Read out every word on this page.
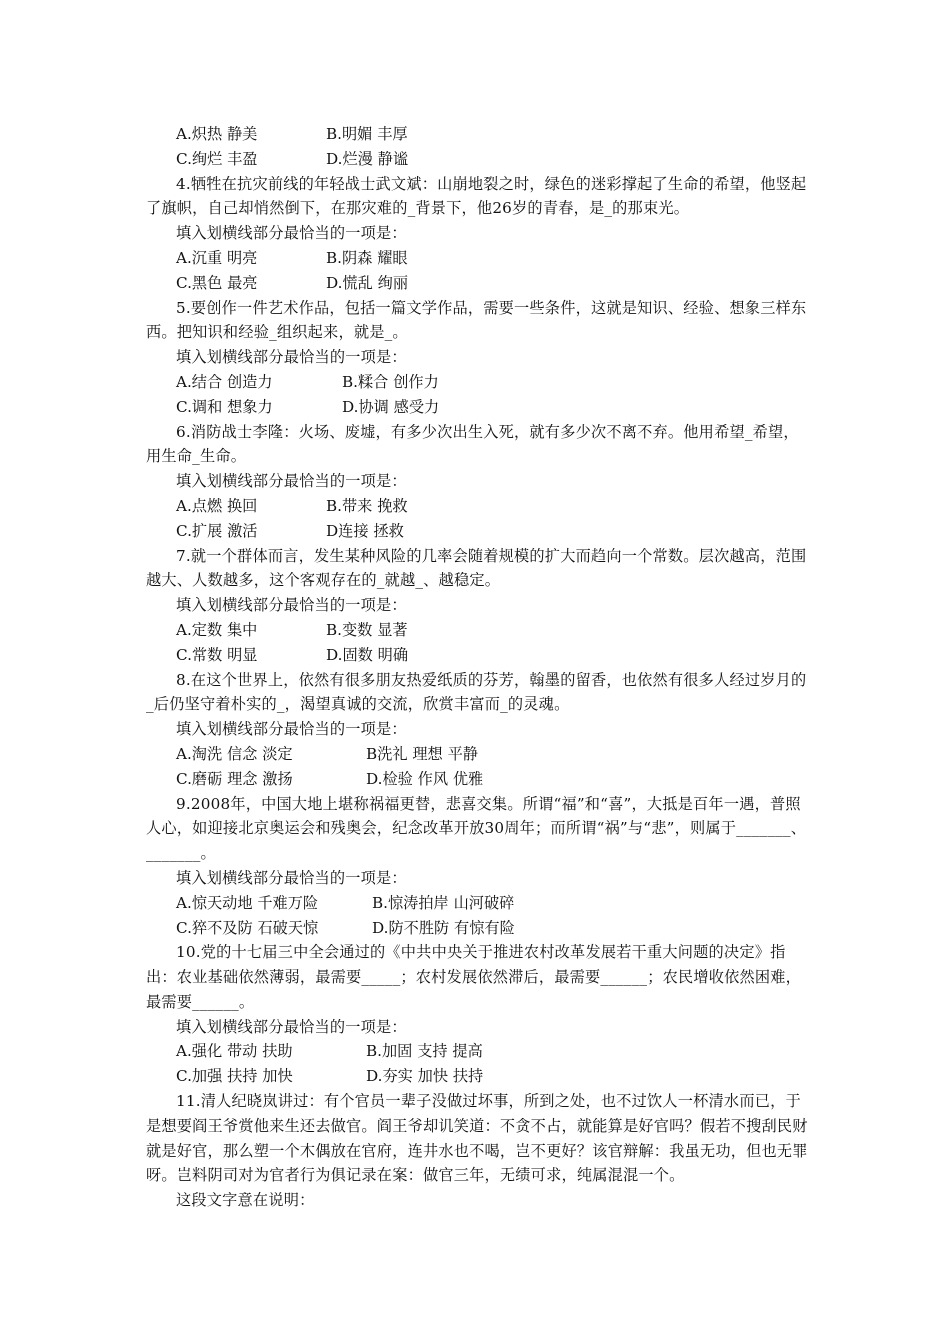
A.炽热 静美	B.明媚 丰厚
C.绚烂 丰盈	D.烂漫 静谧

4.牺牲在抗灾前线的年轻战士武文斌：山崩地裂之时，绿色的迷彩撑起了生命的希望，他竖起了旗帜，自己却悄然倒下，在那灾难的_背景下，他26岁的青春，是_的那束光。

填入划横线部分最恰当的一项是：

A.沉重 明亮	B.阴森 耀眼
C.黑色 最亮	D.慌乱 绚丽

5.要创作一件艺术作品，包括一篇文学作品，需要一些条件，这就是知识、经验、想象三样东西。把知识和经验_组织起来，就是_。

填入划横线部分最恰当的一项是：

A.结合 创造力	B.糅合 创作力
C.调和 想象力	D.协调 感受力

6.消防战士李隆：火场、废墟，有多少次出生入死，就有多少次不离不弃。他用希望_希望，用生命_生命。

填入划横线部分最恰当的一项是：

A.点燃 换回	B.带来 挽救
C.扩展 激活	D连接 拯救

7.就一个群体而言，发生某种风险的几率会随着规模的扩大而趋向一个常数。层次越高，范围越大、人数越多，这个客观存在的_就越_、越稳定。

填入划横线部分最恰当的一项是：

A.定数 集中	B.变数 显著
C.常数 明显	D.固数 明确

8.在这个世界上，依然有很多朋友热爱纸质的芬芳，翰墨的留香，也依然有很多人经过岁月的_后仍坚守着朴实的_，渴望真诚的交流，欣赏丰富而_的灵魂。

填入划横线部分最恰当的一项是：

A.淘洗 信念 淡定	B洗礼 理想 平静
C.磨砺 理念 激扬	D.检验 作风 优雅

9.2008年，中国大地上堪称祸福更替，悲喜交集。所谓“福”和“喜”，大抵是百年一遇，普照人心，如迎接北京奥运会和残奥会，纪念改革开放30周年；而所谓“祸”与“悲”，则属于_______、_______。

填入划横线部分最恰当的一项是：

A.惊天动地 千难万险	B.惊涛拍岸 山河破碎
C.猝不及防 石破天惊	D.防不胜防 有惊有险

10.党的十七届三中全会通过的《中共中央关于推进农村改革发展若干重大问题的决定》指出：农业基础依然薄弱，最需要_____；农村发展依然滞后，最需要______；农民增收依然困难，最需要______。

填入划横线部分最恰当的一项是：

A.强化 带动 扶助	B.加固 支持 提高
C.加强 扶持 加快	D.夯实 加快 扶持

11.清人纪晓岚讲过：有个官员一辈子没做过坏事，所到之处，也不过饮人一杯清水而已，于是想要阎王爷赏他来生还去做官。阎王爷却讥笑道：不贪不占，就能算是好官吗？假若不搜刮民财就是好官，那么塑一个木偶放在官府，连井水也不喝，岂不更好？该官辩解：我虽无功，但也无罪呀。岂料阴司对为官者行为俱记录在案：做官三年，无绩可求，纯属混混一个。

这段文字意在说明：
